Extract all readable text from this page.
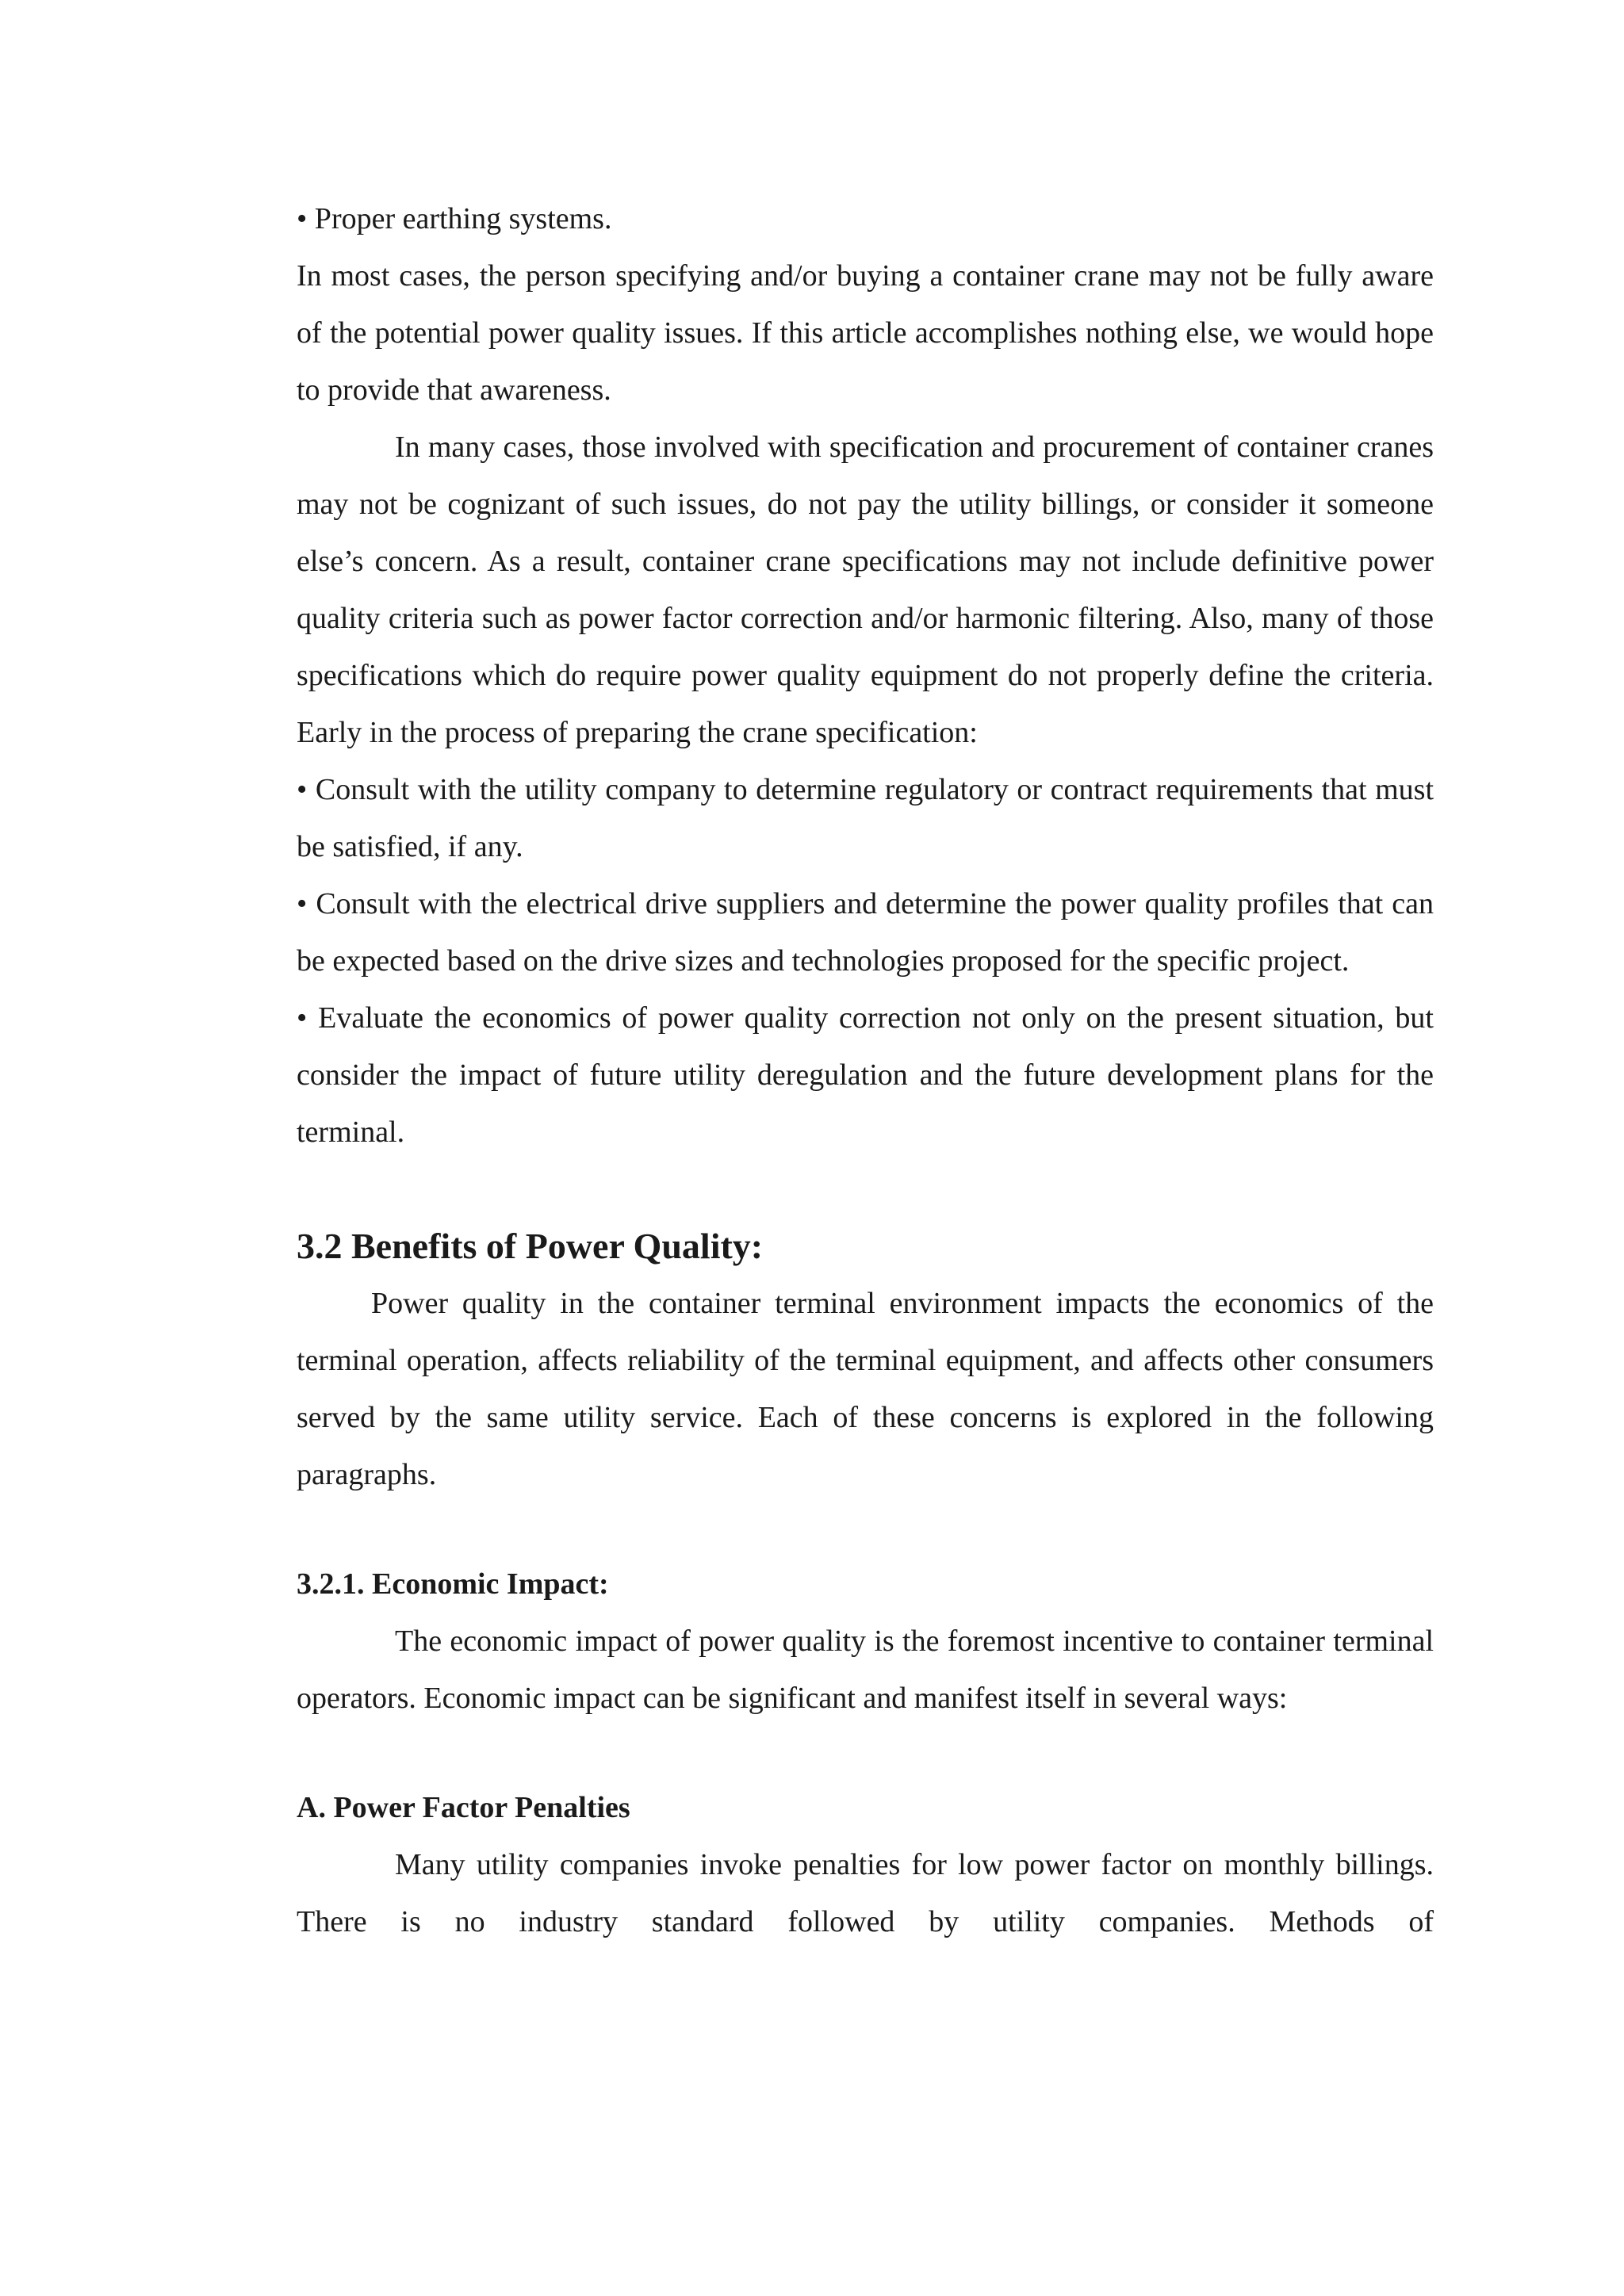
• Proper earthing systems.

In most cases, the person specifying and/or buying a container crane may not be fully aware of the potential power quality issues. If this article accomplishes nothing else, we would hope to provide that awareness.

In many cases, those involved with specification and procurement of container cranes may not be cognizant of such issues, do not pay the utility billings, or consider it someone else’s concern. As a result, container crane specifications may not include definitive power quality criteria such as power factor correction and/or harmonic filtering. Also, many of those specifications which do require power quality equipment do not properly define the criteria. Early in the process of preparing the crane specification:

• Consult with the utility company to determine regulatory or contract requirements that must be satisfied, if any.

• Consult with the electrical drive suppliers and determine the power quality profiles that can be expected based on the drive sizes and technologies proposed for the specific project.

• Evaluate the economics of power quality correction not only on the present situation, but consider the impact of future utility deregulation and the future development plans for the terminal.

3.2 Benefits of Power Quality:

Power quality in the container terminal environment impacts the economics of the terminal operation, affects reliability of the terminal equipment, and affects other consumers served by the same utility service. Each of these concerns is explored in the following paragraphs.

3.2.1. Economic Impact:

The economic impact of power quality is the foremost incentive to container terminal operators. Economic impact can be significant and manifest itself in several ways:

A. Power Factor Penalties

Many utility companies invoke penalties for low power factor on monthly billings. There is no industry standard followed by utility companies. Methods of
